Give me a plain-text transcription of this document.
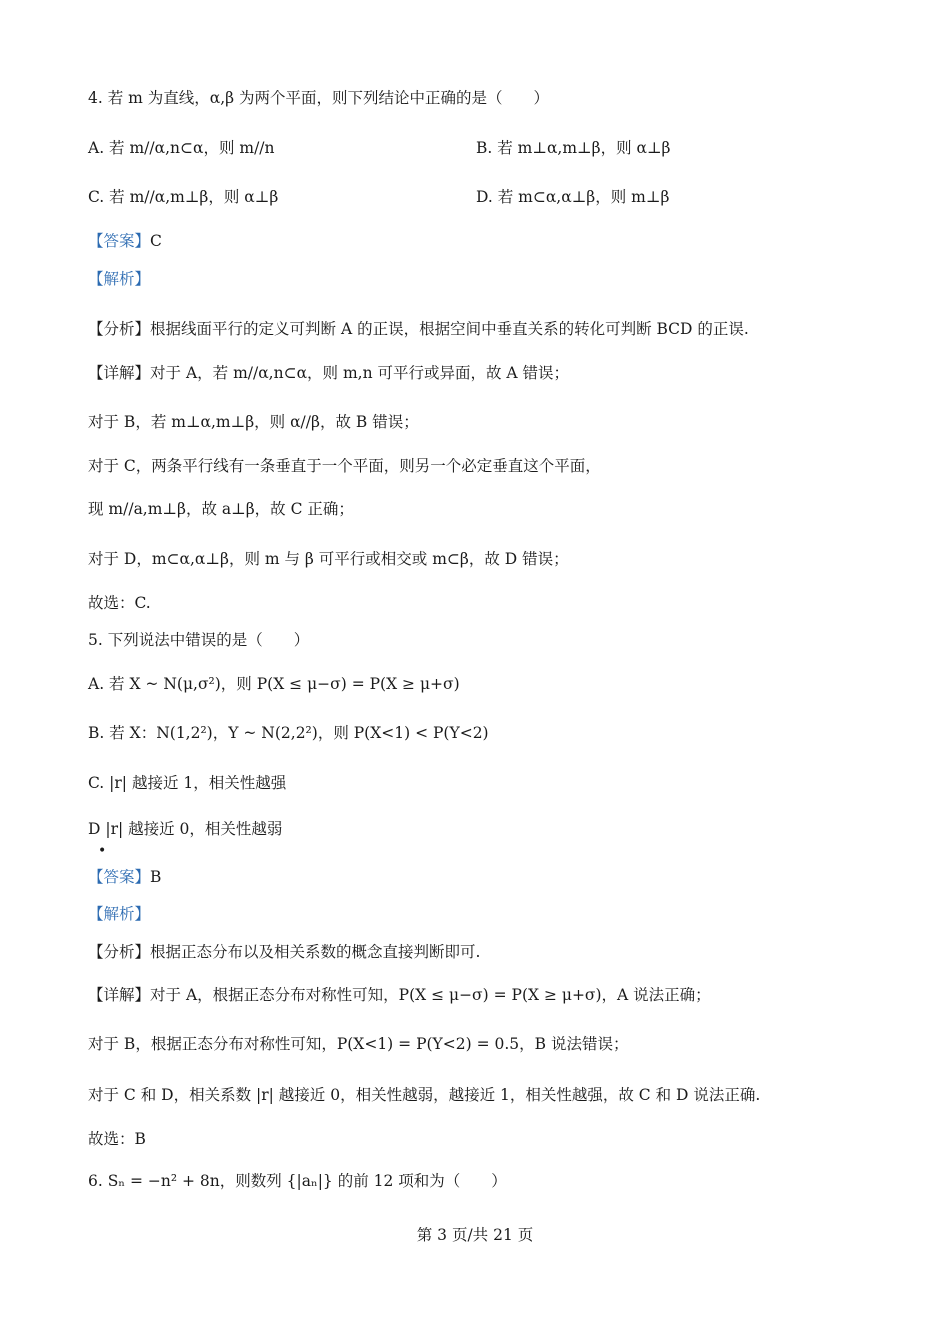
4. 若 m 为直线，α,β 为两个平面，则下列结论中正确的是（　　）
A. 若 m//α,n⊂α，则 m//n	B. 若 m⊥α,m⊥β，则 α⊥β
C. 若 m//α,m⊥β，则 α⊥β	D. 若 m⊂α,α⊥β，则 m⊥β
【答案】C
【解析】
【分析】根据线面平行的定义可判断 A 的正误，根据空间中垂直关系的转化可判断 BCD 的正误.
【详解】对于 A，若 m//α,n⊂α，则 m,n 可平行或异面，故 A 错误；
对于 B，若 m⊥α,m⊥β，则 α//β，故 B 错误；
对于 C，两条平行线有一条垂直于一个平面，则另一个必定垂直这个平面，
现 m//a,m⊥β，故 a⊥β，故 C 正确；
对于 D，m⊂α,α⊥β，则 m 与 β 可平行或相交或 m⊂β，故 D 错误；
故选：C.
5. 下列说法中错误的是（　　）
A. 若 X ~ N(μ,σ²)，则 P(X ≤ μ−σ) = P(X ≥ μ+σ)
B. 若 X：N(1,2²)，Y ~ N(2,2²)，则 P(X<1) < P(Y<2)
C. |r| 越接近 1，相关性越强
D |r| 越接近 0，相关性越弱
•
【答案】B
【解析】
【分析】根据正态分布以及相关系数的概念直接判断即可.
【详解】对于 A，根据正态分布对称性可知，P(X ≤ μ−σ) = P(X ≥ μ+σ)，A 说法正确；
对于 B，根据正态分布对称性可知，P(X<1) = P(Y<2) = 0.5，B 说法错误；
对于 C 和 D，相关系数 |r| 越接近 0，相关性越弱，越接近 1，相关性越强，故 C 和 D 说法正确.
故选：B
6. Sₙ = −n² + 8n，则数列 {|aₙ|} 的前 12 项和为（　　）
第 3 页/共 21 页
